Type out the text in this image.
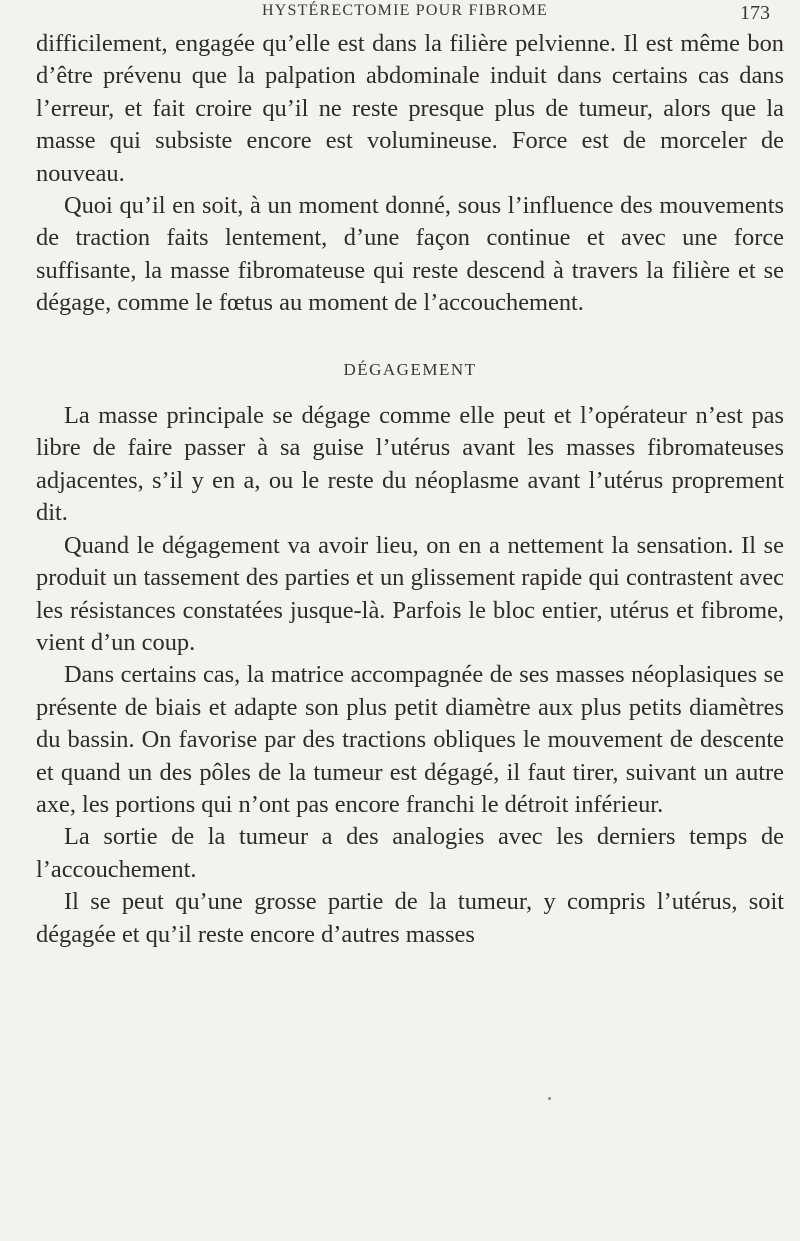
HYSTÉRECTOMIE POUR FIBROME	173

difficilement, engagée qu’elle est dans la filière pelvienne. Il est même bon d’être prévenu que la palpation abdominale induit dans certains cas dans l’erreur, et fait croire qu’il ne reste presque plus de tumeur, alors que la masse qui subsiste encore est volumineuse. Force est de morceler de nouveau.

Quoi qu’il en soit, à un moment donné, sous l’influence des mouvements de traction faits lentement, d’une façon continue et avec une force suffisante, la masse fibromateuse qui reste descend à travers la filière et se dégage, comme le fœtus au moment de l’accouchement.

DÉGAGEMENT

La masse principale se dégage comme elle peut et l’opérateur n’est pas libre de faire passer à sa guise l’utérus avant les masses fibromateuses adjacentes, s’il y en a, ou le reste du néoplasme avant l’utérus proprement dit.

Quand le dégagement va avoir lieu, on en a nettement la sensation. Il se produit un tassement des parties et un glissement rapide qui contrastent avec les résistances constatées jusque-là. Parfois le bloc entier, utérus et fibrome, vient d’un coup.

Dans certains cas, la matrice accompagnée de ses masses néoplasiques se présente de biais et adapte son plus petit diamètre aux plus petits diamètres du bassin. On favorise par des tractions obliques le mouvement de descente et quand un des pôles de la tumeur est dégagé, il faut tirer, suivant un autre axe, les portions qui n’ont pas encore franchi le détroit inférieur.

La sortie de la tumeur a des analogies avec les derniers temps de l’accouchement.

Il se peut qu’une grosse partie de la tumeur, y compris l’utérus, soit dégagée et qu’il reste encore d’autres masses
